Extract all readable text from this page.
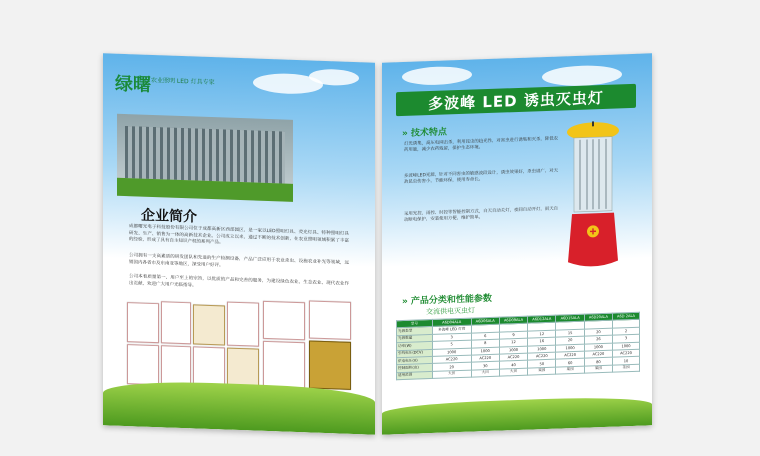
绿曙 农业照明 LED 灯具专家
企业简介
成都曙光电子科技股份有限公司位于成都高新区西部园区，是一家以LED照明灯具、荧光灯具、特种照明灯具研发、生产、销售为一体的高新技术企业。公司成立以来，通过不断的技术创新，在农业照明领域积累了丰富的经验，形成了具有自主知识产权的系列产品。
公司拥有一支高素质的研发团队和先进的生产检测设备，产品广泛应用于农业杀虫、设施农业补光等领域，远销国内各省市及东南亚等地区，深受用户好评。
公司本着质量第一、用户至上的宗旨，以优质的产品和完善的服务，为建设绿色农业、生态农业、现代农业作出贡献，欢迎广大用户光临指导。
多波峰 LED 诱虫灭虫灯
» 技术特点
灯光诱集，高压电网击杀，利用昆虫的趋光性，对害虫进行诱集和灭杀，降低农药用量，减少农药残留，保护生态环境。
多波峰LED光源，针对不同害虫的敏感波段设计，诱虫效果好，杀虫谱广，对天敌昆虫伤害小，节能环保，使用寿命长。
采用光控、雨控、时控等智能控制方式，白天自动关灯，夜间自动开灯，雨天自动断电保护，安装使用方便，维护简单。
» 产品分类和性能参数
交流供电灭虫灯
型号	A6D04ALA	A6D06ALA	A6D09ALA	A6D12ALA	A6D15ALA	A6D20ALA	A6D 2ALA
光源类型	多波峰 LED 灯管						
光源数量	3	6	9	12	15	20	2
功率(W)	5	8	12	16	20	26	3
引线电压(DCV)	1000	1000	1000	1000	1000	1000	1000
供电电压(V)	AC220	AC220	AC220	AC220	AC220	AC220	AC220
控制面积(亩)	20	30	40	50	60	80	10
适用范围	大田	大田	大田	果园	果园	果园	茶园
